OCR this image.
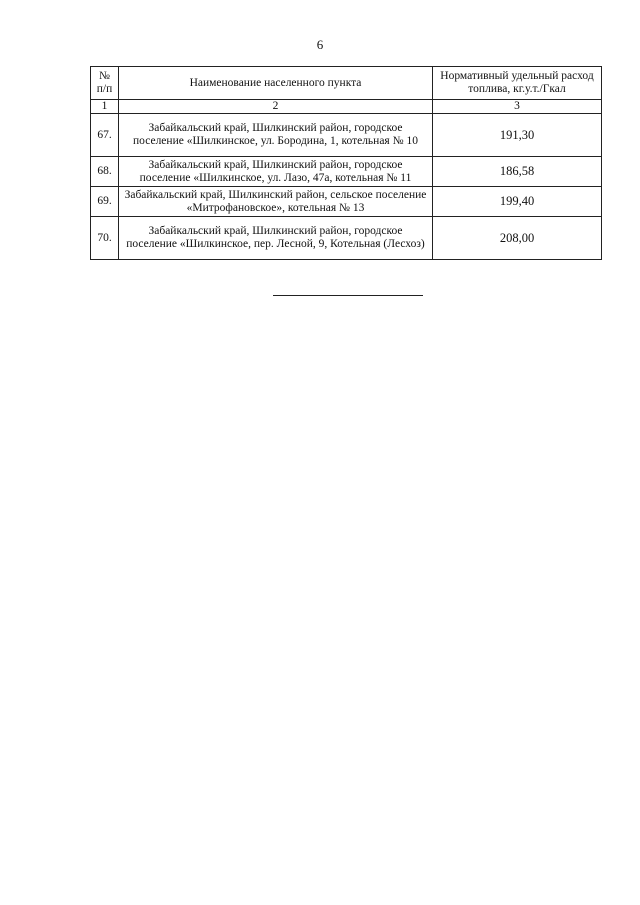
6
№ п/п	Наименование населенного пункта	Нормативный удельный расход топлива, кг.у.т./Гкал
1	2	3
67.	Забайкальский край, Шилкинский район, городское поселение «Шилкинское, ул. Бородина, 1, котельная № 10	191,30
68.	Забайкальский край, Шилкинский район, городское поселение «Шилкинское, ул. Лазо, 47а, котельная № 11	186,58
69.	Забайкальский край, Шилкинский район, сельское поселение «Митрофановское», котельная № 13	199,40
70.	Забайкальский край, Шилкинский район, городское поселение «Шилкинское, пер. Лесной, 9, Котельная (Лесхоз)	208,00
